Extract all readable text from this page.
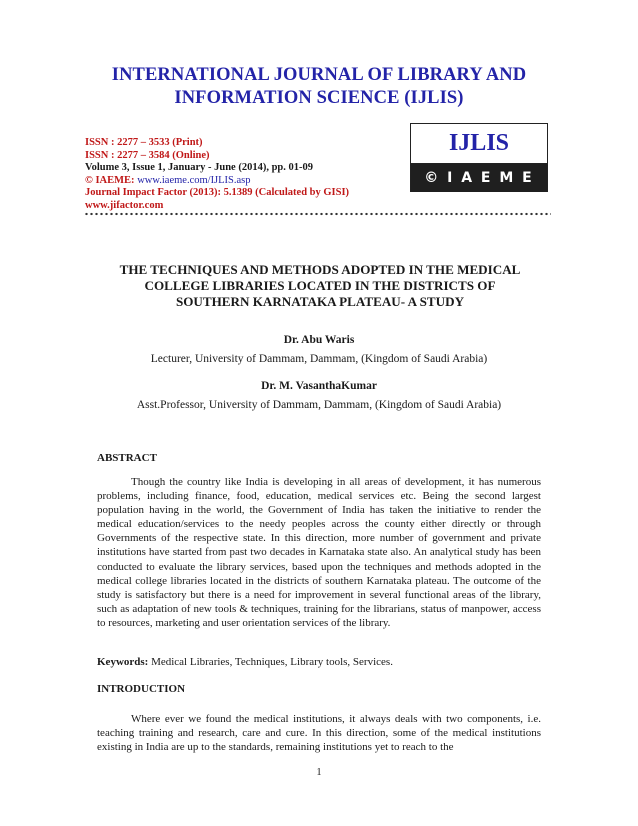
INTERNATIONAL JOURNAL OF LIBRARY AND
INFORMATION SCIENCE (IJLIS)
ISSN : 2277 – 3533 (Print)
ISSN : 2277 – 3584 (Online)
Volume 3, Issue 1, January - June (2014), pp. 01-09
© IAEME: www.iaeme.com/IJLIS.asp
Journal Impact Factor (2013): 5.1389 (Calculated by GISI)
www.jifactor.com
IJLIS
© I A E M E
THE TECHNIQUES AND METHODS ADOPTED IN THE MEDICAL
COLLEGE LIBRARIES LOCATED IN THE DISTRICTS OF
SOUTHERN KARNATAKA PLATEAU- A STUDY
Dr. Abu Waris
Lecturer, University of Dammam, Dammam, (Kingdom of Saudi Arabia)
Dr. M. VasanthaKumar
Asst.Professor, University of Dammam, Dammam, (Kingdom of Saudi Arabia)
ABSTRACT

Though the country like India is developing in all areas of development, it has numerous problems, including finance, food, education, medical services etc. Being the second largest population having in the world, the Government of India has taken the initiative to render the medical education/services to the needy peoples across the county either directly or through Governments of the respective state. In this direction, more number of government and private institutions have started from past two decades in Karnataka state also. An analytical study has been conducted to evaluate the library services, based upon the techniques and methods adopted in the medical college libraries located in the districts of southern Karnataka plateau. The outcome of the study is satisfactory but there is a need for improvement in several functional areas of the library, such as adaptation of new tools & techniques, training for the librarians, status of manpower, access to resources, marketing and user orientation services of the library.

Keywords: Medical Libraries, Techniques, Library tools, Services.
INTRODUCTION

Where ever we found the medical institutions, it always deals with two components, i.e. teaching training and research, care and cure. In this direction, some of the medical institutions existing in India are up to the standards, remaining institutions yet to reach to the

1
